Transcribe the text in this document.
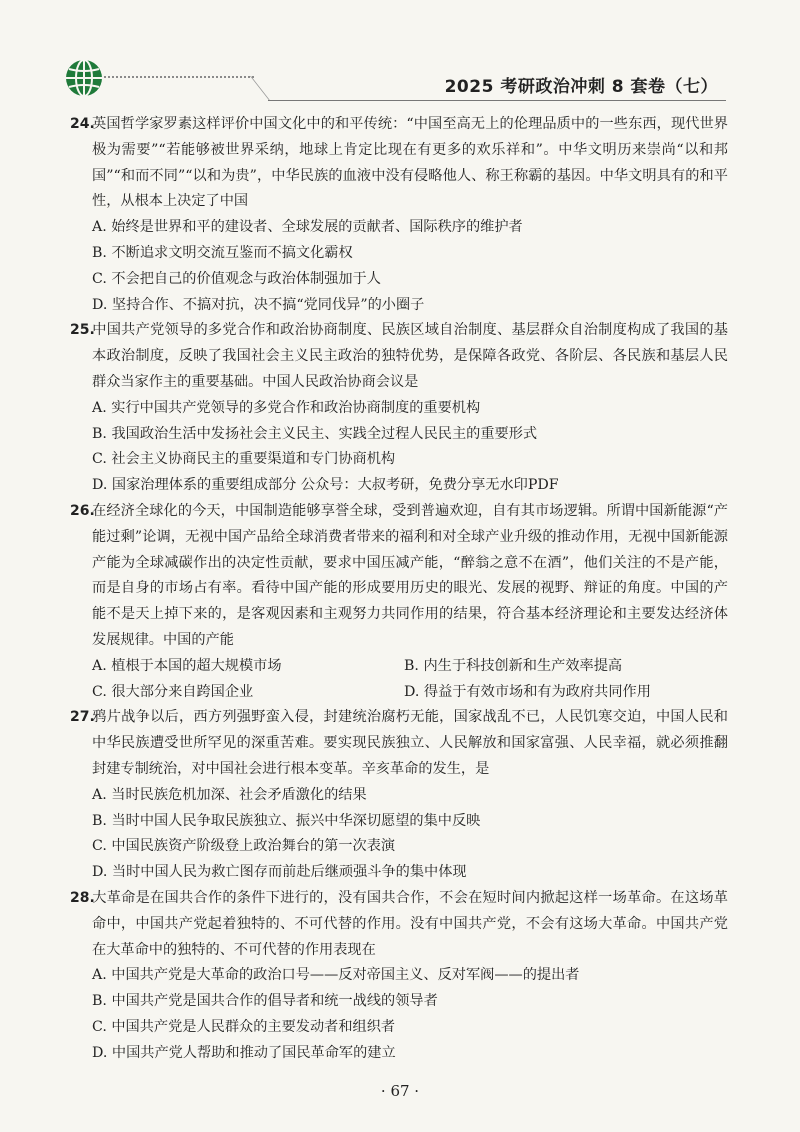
2025 考研政治冲刺 8 套卷（七）

24.英国哲学家罗素这样评价中国文化中的和平传统：“中国至高无上的伦理品质中的一些东西，现代世界极为需要”“若能够被世界采纳，地球上肯定比现在有更多的欢乐祥和”。中华文明历来崇尚“以和邦国”“和而不同”“以和为贵”，中华民族的血液中没有侵略他人、称王称霸的基因。中华文明具有的和平性，从根本上决定了中国

A. 始终是世界和平的建设者、全球发展的贡献者、国际秩序的维护者

B. 不断追求文明交流互鉴而不搞文化霸权

C. 不会把自己的价值观念与政治体制强加于人

D. 坚持合作、不搞对抗，决不搞“党同伐异”的小圈子

25.中国共产党领导的多党合作和政治协商制度、民族区域自治制度、基层群众自治制度构成了我国的基本政治制度，反映了我国社会主义民主政治的独特优势，是保障各政党、各阶层、各民族和基层人民群众当家作主的重要基础。中国人民政治协商会议是

A. 实行中国共产党领导的多党合作和政治协商制度的重要机构

B. 我国政治生活中发扬社会主义民主、实践全过程人民民主的重要形式

C. 社会主义协商民主的重要渠道和专门协商机构

D. 国家治理体系的重要组成部分 公众号：大叔考研，免费分享无水印PDF

26.在经济全球化的今天，中国制造能够享誉全球，受到普遍欢迎，自有其市场逻辑。所谓中国新能源“产能过剩”论调，无视中国产品给全球消费者带来的福利和对全球产业升级的推动作用，无视中国新能源产能为全球减碳作出的决定性贡献，要求中国压减产能，“醉翁之意不在酒”，他们关注的不是产能，而是自身的市场占有率。看待中国产能的形成要用历史的眼光、发展的视野、辩证的角度。中国的产能不是天上掉下来的，是客观因素和主观努力共同作用的结果，符合基本经济理论和主要发达经济体发展规律。中国的产能

A. 植根于本国的超大规模市场	B. 内生于科技创新和生产效率提高

C. 很大部分来自跨国企业	D. 得益于有效市场和有为政府共同作用

27.鸦片战争以后，西方列强野蛮入侵，封建统治腐朽无能，国家战乱不已，人民饥寒交迫，中国人民和中华民族遭受世所罕见的深重苦难。要实现民族独立、人民解放和国家富强、人民幸福，就必须推翻封建专制统治，对中国社会进行根本变革。辛亥革命的发生，是

A. 当时民族危机加深、社会矛盾激化的结果

B. 当时中国人民争取民族独立、振兴中华深切愿望的集中反映

C. 中国民族资产阶级登上政治舞台的第一次表演

D. 当时中国人民为救亡图存而前赴后继顽强斗争的集中体现

28.大革命是在国共合作的条件下进行的，没有国共合作，不会在短时间内掀起这样一场革命。在这场革命中，中国共产党起着独特的、不可代替的作用。没有中国共产党，不会有这场大革命。中国共产党在大革命中的独特的、不可代替的作用表现在

A. 中国共产党是大革命的政治口号——反对帝国主义、反对军阀——的提出者

B. 中国共产党是国共合作的倡导者和统一战线的领导者

C. 中国共产党是人民群众的主要发动者和组织者

D. 中国共产党人帮助和推动了国民革命军的建立

· 67 ·
